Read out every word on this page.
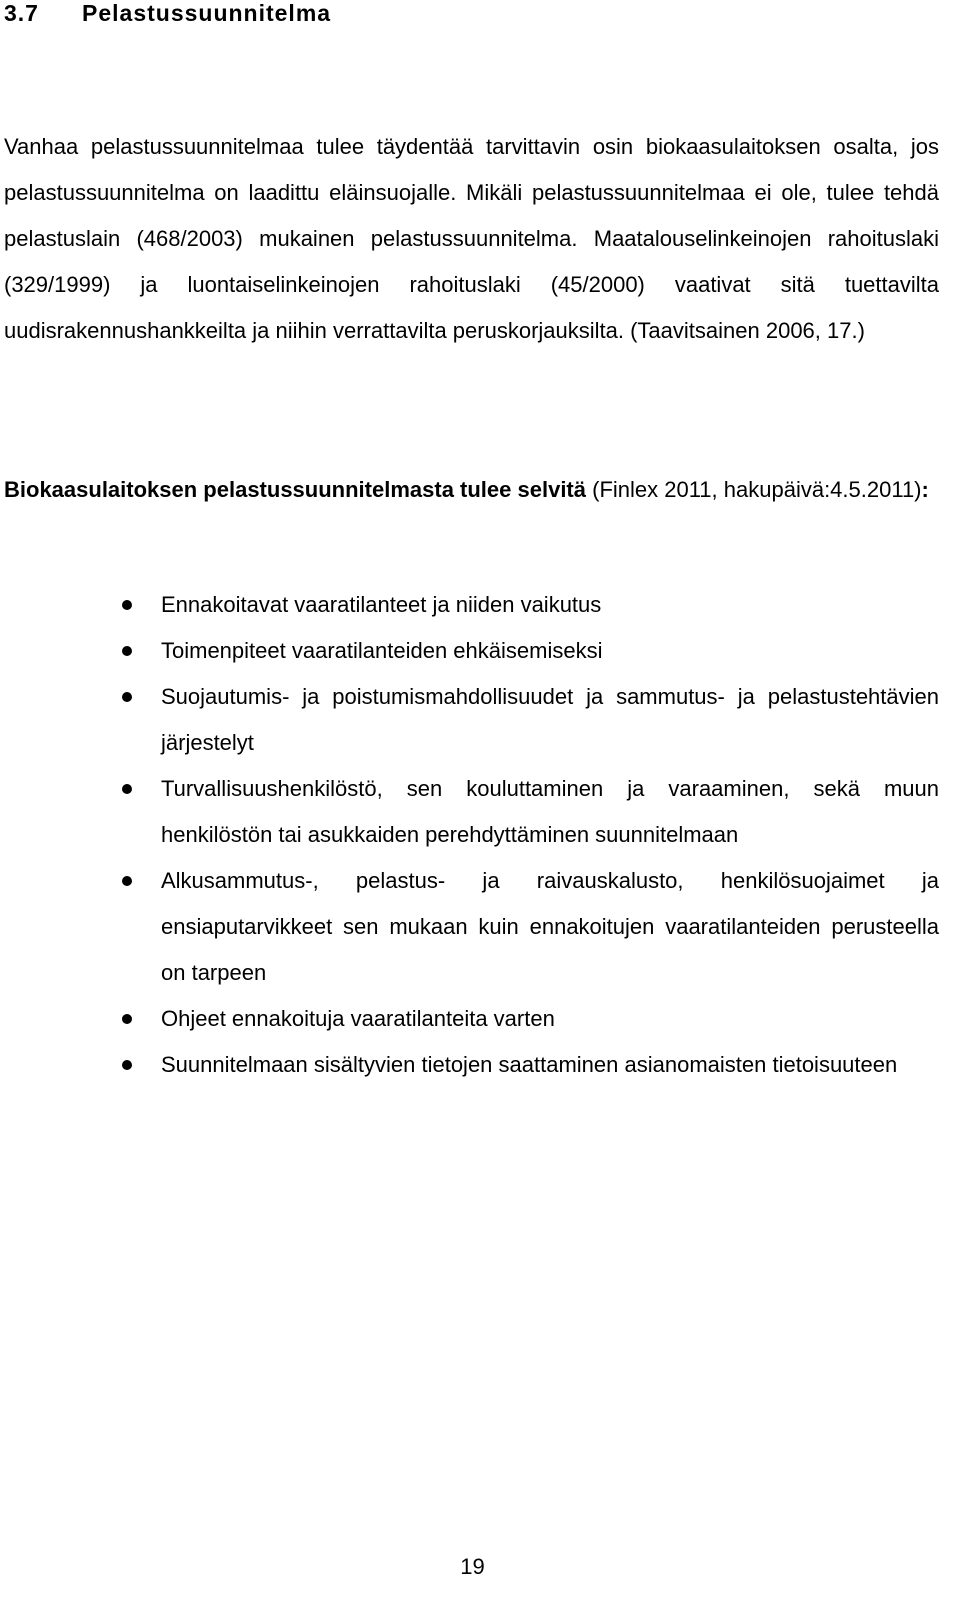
3.7 Pelastussuunnitelma

Vanhaa pelastussuunnitelmaa tulee täydentää tarvittavin osin biokaasulaitoksen osalta, jos pelastussuunnitelma on laadittu eläinsuojalle. Mikäli pelastussuunnitelmaa ei ole, tulee tehdä pelastuslain (468/2003) mukainen pelastussuunnitelma. Maatalouselinkeinojen rahoituslaki (329/1999) ja luontaiselinkeinojen rahoituslaki (45/2000) vaativat sitä tuettavilta uudisrakennushankkeilta ja niihin verrattavilta peruskorjauksilta. (Taavitsainen 2006, 17.)

Biokaasulaitoksen pelastussuunnitelmasta tulee selvitä (Finlex 2011, hakupäivä:4.5.2011):

Ennakoitavat vaaratilanteet ja niiden vaikutus
Toimenpiteet vaaratilanteiden ehkäisemiseksi
Suojautumis- ja poistumismahdollisuudet ja sammutus- ja pelastustehtävien järjestelyt
Turvallisuushenkilöstö, sen kouluttaminen ja varaaminen, sekä muun henkilöstön tai asukkaiden perehdyttäminen suunnitelmaan
Alkusammutus-, pelastus- ja raivauskalusto, henkilösuojaimet ja ensiaputarvikkeet sen mukaan kuin ennakoitujen vaaratilanteiden perusteella on tarpeen
Ohjeet ennakoituja vaaratilanteita varten
Suunnitelmaan sisältyvien tietojen saattaminen asianomaisten tietoisuuteen
19
